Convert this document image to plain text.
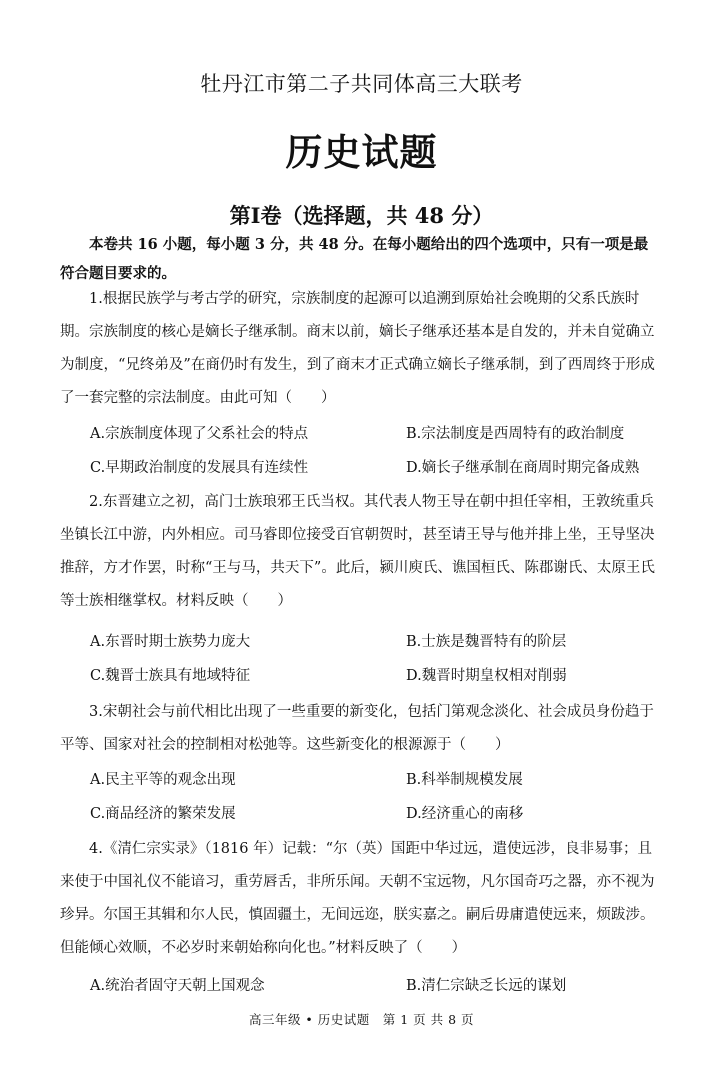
牡丹江市第二子共同体高三大联考
历史试题
第Ⅰ卷（选择题，共 48 分）
本卷共 16 小题，每小题 3 分，共 48 分。在每小题给出的四个选项中，只有一项是最符合题目要求的。
1.根据民族学与考古学的研究，宗族制度的起源可以追溯到原始社会晚期的父系氏族时期。宗族制度的核心是嫡长子继承制。商末以前，嫡长子继承还基本是自发的，并未自觉确立为制度，“兄终弟及”在商仍时有发生，到了商末才正式确立嫡长子继承制，到了西周终于形成了一套完整的宗法制度。由此可知（　　）
A.宗族制度体现了父系社会的特点	B.宗法制度是西周特有的政治制度
C.早期政治制度的发展具有连续性	D.嫡长子继承制在商周时期完备成熟
2.东晋建立之初，高门士族琅邪王氏当权。其代表人物王导在朝中担任宰相，王敦统重兵坐镇长江中游，内外相应。司马睿即位接受百官朝贺时，甚至请王导与他并排上坐，王导坚决推辞，方才作罢，时称“王与马，共天下”。此后，颍川庾氏、谯国桓氏、陈郡谢氏、太原王氏等士族相继掌权。材料反映（　　）
A.东晋时期士族势力庞大	B.士族是魏晋特有的阶层
C.魏晋士族具有地域特征	D.魏晋时期皇权相对削弱
3.宋朝社会与前代相比出现了一些重要的新变化，包括门第观念淡化、社会成员身份趋于平等、国家对社会的控制相对松弛等。这些新变化的根源源于（　　）
A.民主平等的观念出现	B.科举制规模发展
C.商品经济的繁荣发展	D.经济重心的南移
4.《清仁宗实录》（1816 年）记载：“尔（英）国距中华过远，遣使远涉，良非易事；且来使于中国礼仪不能谙习，重劳唇舌，非所乐闻。天朝不宝远物，凡尔国奇巧之器，亦不视为珍异。尔国王其辑和尔人民，慎固疆土，无间远迩，朕实嘉之。嗣后毋庸遣使远来，烦跋涉。但能倾心效顺，不必岁时来朝始称向化也。”材料反映了（　　）
A.统治者固守天朝上国观念	B.清仁宗缺乏长远的谋划
高三年级 • 历史试题　第 1 页 共 8 页
